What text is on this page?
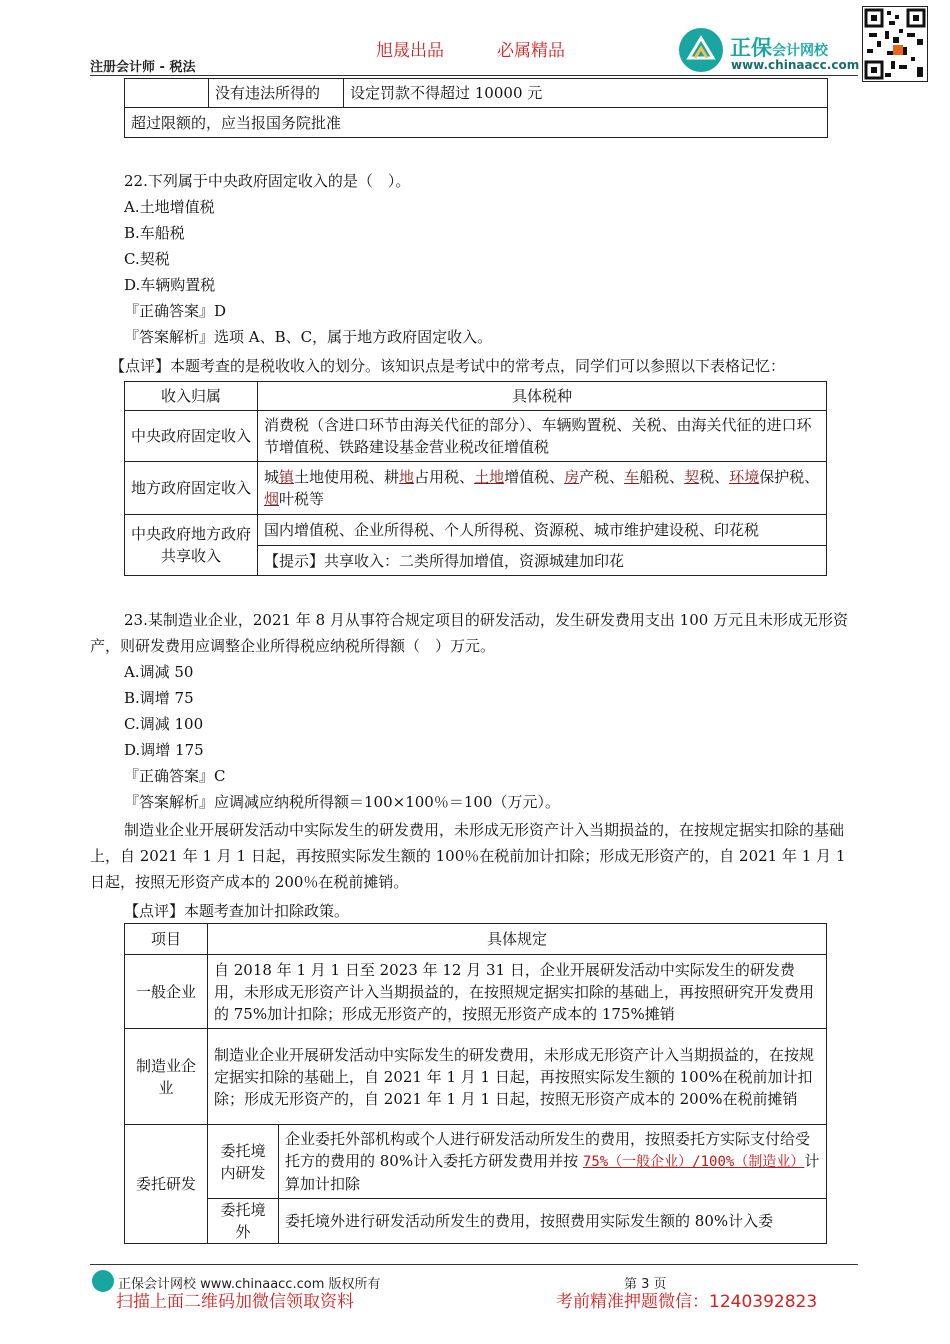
旭晟出品	必属精品
注册会计师 - 税法
正保会计网校
www.chinaacc.com
	没有违法所得的	设定罚款不得超过 10000 元
超过限额的，应当报国务院批准
22.下列属于中央政府固定收入的是（　）。
A.土地增值税
B.车船税
C.契税
D.车辆购置税
『正确答案』D
『答案解析』选项 A、B、C，属于地方政府固定收入。
【点评】本题考查的是税收收入的划分。该知识点是考试中的常考点，同学们可以参照以下表格记忆：
收入归属	具体税种
中央政府固定收入	消费税（含进口环节由海关代征的部分）、车辆购置税、关税、由海关代征的进口环节增值税、铁路建设基金营业税改征增值税
地方政府固定收入	城镇土地使用税、耕地占用税、土地增值税、房产税、车船税、契税、环境保护税、烟叶税等
中央政府地方政府共享收入	国内增值税、企业所得税、个人所得税、资源税、城市维护建设税、印花税
	【提示】共享收入：二类所得加增值，资源城建加印花
23.某制造业企业，2021 年 8 月从事符合规定项目的研发活动，发生研发费用支出 100 万元且未形成无形资产，则研发费用应调整企业所得税应纳税所得额（　）万元。
A.调减 50
B.调增 75
C.调减 100
D.调增 175
『正确答案』C
『答案解析』应调减应纳税所得额＝100×100％＝100（万元）。
制造业企业开展研发活动中实际发生的研发费用，未形成无形资产计入当期损益的，在按规定据实扣除的基础上，自 2021 年 1 月 1 日起，再按照实际发生额的 100％在税前加计扣除；形成无形资产的，自 2021 年 1 月 1 日起，按照无形资产成本的 200％在税前摊销。
【点评】本题考查加计扣除政策。
项目	具体规定	
一般企业	自 2018 年 1 月 1 日至 2023 年 12 月 31 日，企业开展研发活动中实际发生的研发费用，未形成无形资产计入当期损益的，在按照规定据实扣除的基础上，再按照研究开发费用的 75%加计扣除；形成无形资产的，按照无形资产成本的 175%摊销	
制造业企业	制造业企业开展研发活动中实际发生的研发费用，未形成无形资产计入当期损益的，在按规定据实扣除的基础上，自 2021 年 1 月 1 日起，再按照实际发生额的 100%在税前加计扣除；形成无形资产的，自 2021 年 1 月 1 日起，按照无形资产成本的 200%在税前摊销	
委托研发	委托境内研发	企业委托外部机构或个人进行研发活动所发生的费用，按照委托方实际支付给受托方的费用的 80%计入委托方研发费用并按 75%（一般企业）/100%（制造业）计算加计扣除
	委托境外	委托境外进行研发活动所发生的费用，按照费用实际发生额的 80%计入委
正保会计网校 www.chinaacc.com 版权所有	第 3 页
扫描上面二维码加微信领取资料	考前精准押题微信：1240392823
